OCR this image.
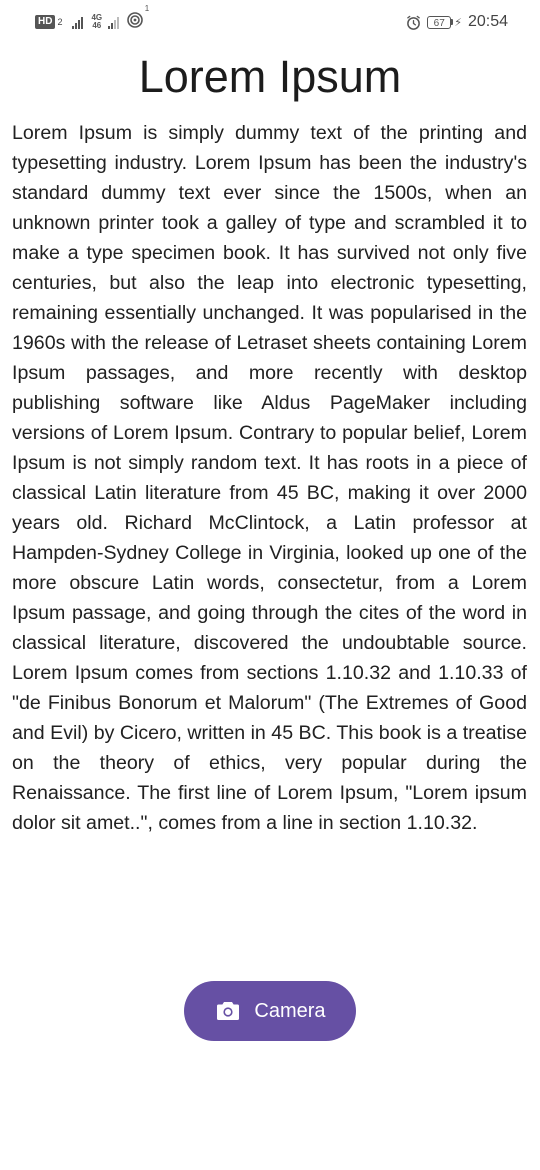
HD 2	4G
46
1
67 ⚡ 20:54
Lorem Ipsum

Lorem Ipsum is simply dummy text of the printing and typesetting industry. Lorem Ipsum has been the industry's standard dummy text ever since the 1500s, when an unknown printer took a galley of type and scrambled it to make a type specimen book. It has survived not only five centuries, but also the leap into electronic typesetting, remaining essentially unchanged. It was popularised in the 1960s with the release of Letraset sheets containing Lorem Ipsum passages, and more recently with desktop publishing software like Aldus PageMaker including versions of Lorem Ipsum. Contrary to popular belief, Lorem Ipsum is not simply random text. It has roots in a piece of classical Latin literature from 45 BC, making it over 2000 years old. Richard McClintock, a Latin professor at Hampden-Sydney College in Virginia, looked up one of the more obscure Latin words, consectetur, from a Lorem Ipsum passage, and going through the cites of the word in classical literature, discovered the undoubtable source. Lorem Ipsum comes from sections 1.10.32 and 1.10.33 of "de Finibus Bonorum et Malorum" (The Extremes of Good and Evil) by Cicero, written in 45 BC. This book is a treatise on the theory of ethics, very popular during the Renaissance. The first line of Lorem Ipsum, "Lorem ipsum dolor sit amet..", comes from a line in section 1.10.32.

Camera
